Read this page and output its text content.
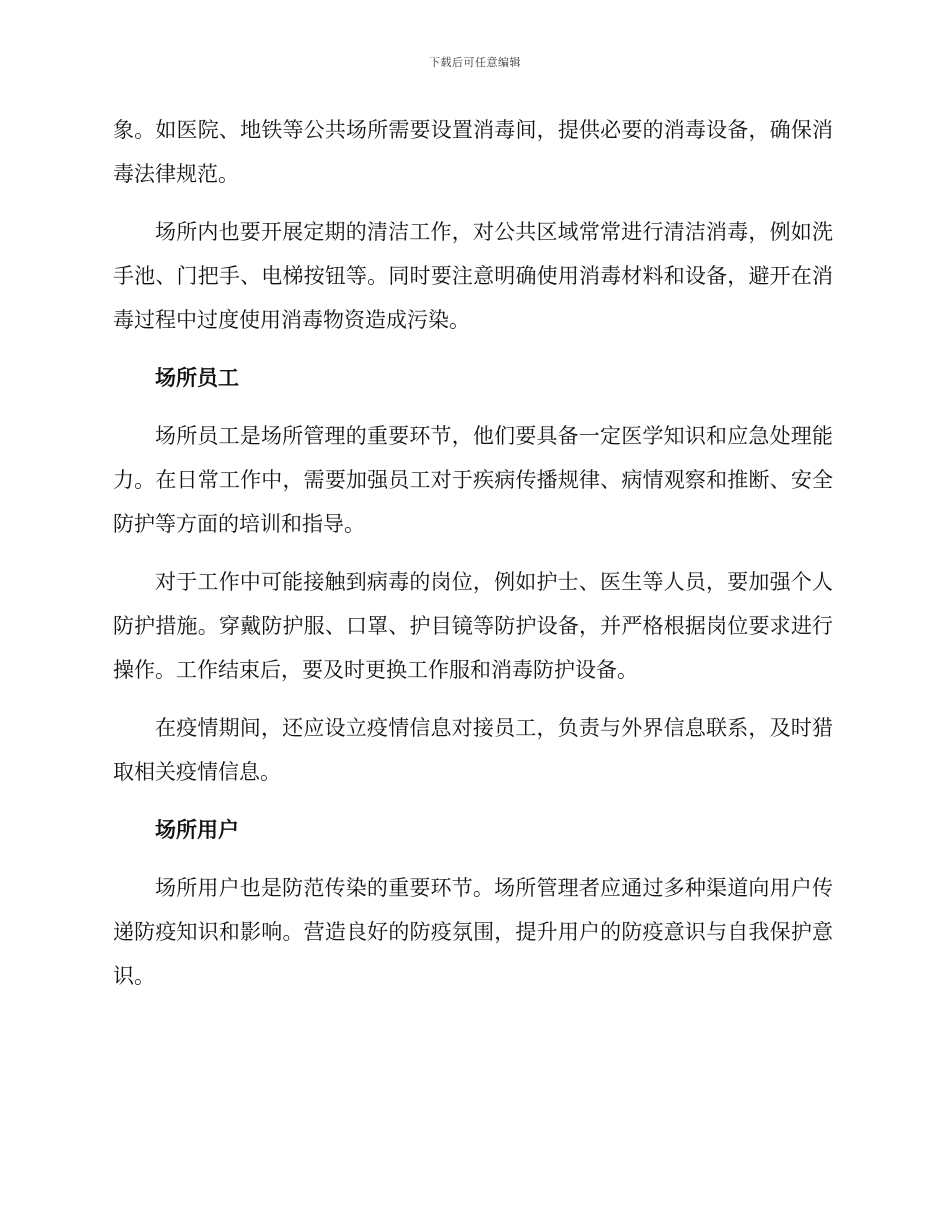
下载后可任意编辑

象。如医院、地铁等公共场所需要设置消毒间，提供必要的消毒设备，确保消毒法律规范。

场所内也要开展定期的清洁工作，对公共区域常常进行清洁消毒，例如洗手池、门把手、电梯按钮等。同时要注意明确使用消毒材料和设备，避开在消毒过程中过度使用消毒物资造成污染。

场所员工

场所员工是场所管理的重要环节，他们要具备一定医学知识和应急处理能力。在日常工作中，需要加强员工对于疾病传播规律、病情观察和推断、安全防护等方面的培训和指导。

对于工作中可能接触到病毒的岗位，例如护士、医生等人员，要加强个人防护措施。穿戴防护服、口罩、护目镜等防护设备，并严格根据岗位要求进行操作。工作结束后，要及时更换工作服和消毒防护设备。

在疫情期间，还应设立疫情信息对接员工，负责与外界信息联系，及时猎取相关疫情信息。

场所用户

场所用户也是防范传染的重要环节。场所管理者应通过多种渠道向用户传递防疫知识和影响。营造良好的防疫氛围，提升用户的防疫意识与自我保护意识。
